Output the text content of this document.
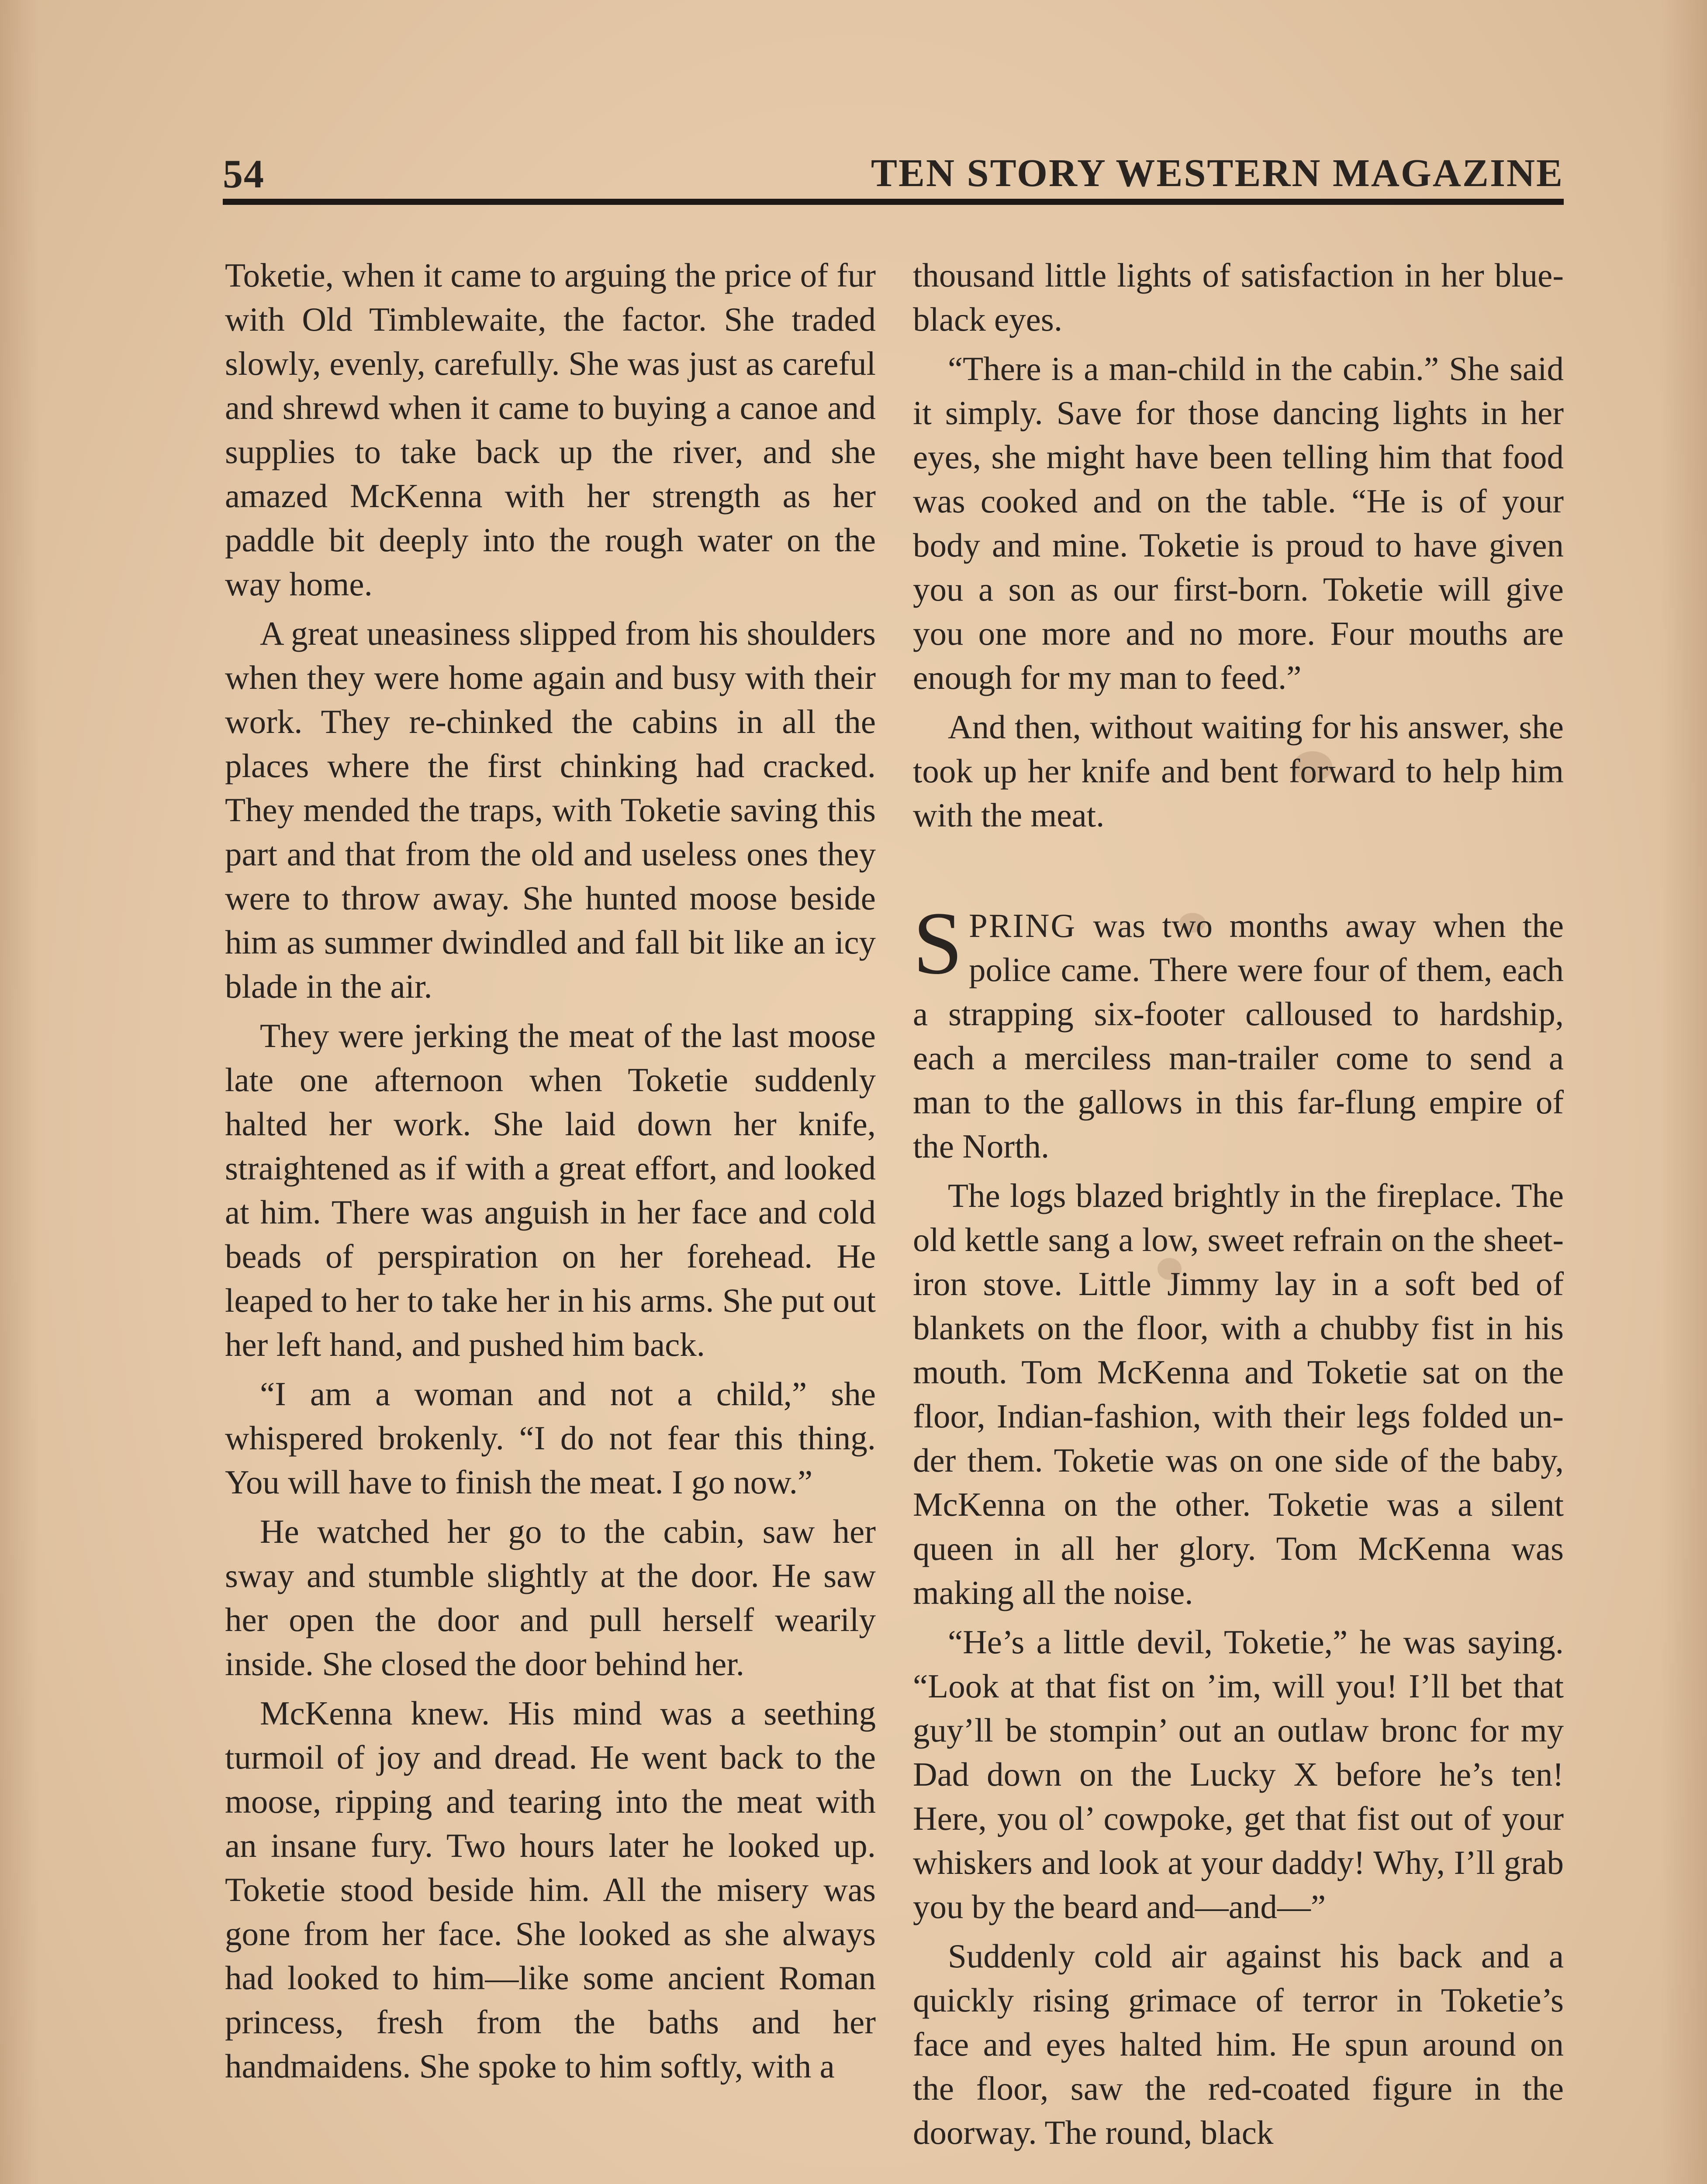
54	TEN STORY WESTERN MAGAZINE

Toketie, when it came to arguing the price of fur with Old Timblewaite, the factor. She traded slowly, evenly, carefully. She was just as careful and shrewd when it came to buying a canoe and supplies to take back up the river, and she amazed McKenna with her strength as her paddle bit deeply into the rough water on the way home.

A great uneasiness slipped from his shoulders when they were home again and busy with their work. They re-chinked the cabins in all the places where the first chinking had cracked. They mended the traps, with Toketie saving this part and that from the old and useless ones they were to throw away. She hunted moose beside him as summer dwindled and fall bit like an icy blade in the air.

They were jerking the meat of the last moose late one afternoon when Toketie suddenly halted her work. She laid down her knife, straightened as if with a great effort, and looked at him. There was anguish in her face and cold beads of perspiration on her forehead. He leaped to her to take her in his arms. She put out her left hand, and pushed him back.

“I am a woman and not a child,” she whispered brokenly. “I do not fear this thing. You will have to finish the meat. I go now.”

He watched her go to the cabin, saw her sway and stumble slightly at the door. He saw her open the door and pull herself wearily inside. She closed the door behind her.

McKenna knew. His mind was a seething turmoil of joy and dread. He went back to the moose, ripping and tearing into the meat with an insane fury. Two hours later he looked up. Toketie stood beside him. All the misery was gone from her face. She looked as she always had looked to him—like some ancient Roman princess, fresh from the baths and her handmaidens. She spoke to him softly, with a

thousand little lights of satisfaction in her blue-black eyes.

“There is a man-child in the cabin.” She said it simply. Save for those dancing lights in her eyes, she might have been telling him that food was cooked and on the table. “He is of your body and mine. Toketie is proud to have given you a son as our first-born. Toketie will give you one more and no more. Four mouths are enough for my man to feed.”

And then, without waiting for his answer, she took up her knife and bent forward to help him with the meat.

SPRING was two months away when the police came. There were four of them, each a strapping six-footer calloused to hardship, each a merciless man-trailer come to send a man to the gallows in this far-flung empire of the North.

The logs blazed brightly in the fireplace. The old kettle sang a low, sweet refrain on the sheet-iron stove. Little Jimmy lay in a soft bed of blankets on the floor, with a chubby fist in his mouth. Tom McKenna and Toketie sat on the floor, Indian-fashion, with their legs folded under them. Toketie was on one side of the baby, McKenna on the other. Toketie was a silent queen in all her glory. Tom McKenna was making all the noise.

“He’s a little devil, Toketie,” he was saying. “Look at that fist on ’im, will you! I’ll bet that guy’ll be stompin’ out an outlaw bronc for my Dad down on the Lucky X before he’s ten! Here, you ol’ cowpoke, get that fist out of your whiskers and look at your daddy! Why, I’ll grab you by the beard and—and—”

Suddenly cold air against his back and a quickly rising grimace of terror in Toketie’s face and eyes halted him. He spun around on the floor, saw the red-coated figure in the doorway. The round, black
